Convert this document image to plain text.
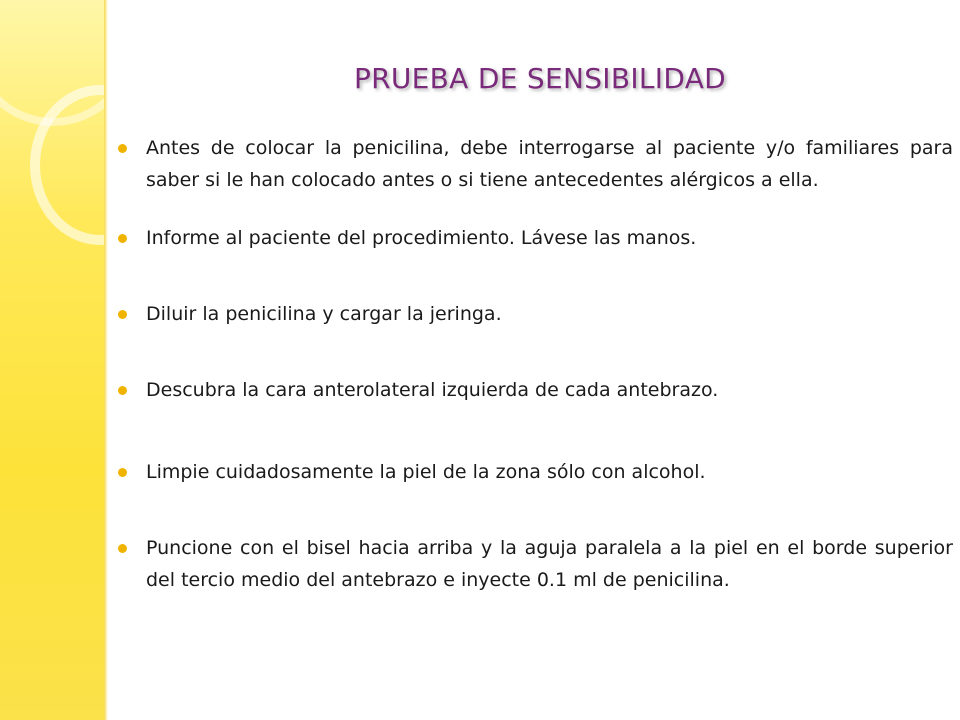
PRUEBA DE SENSIBILIDAD
Antes de colocar la penicilina, debe interrogarse al paciente y/o familiares para saber si le han colocado antes o si tiene antecedentes alérgicos a ella.
Informe al paciente del procedimiento. Lávese las manos.
Diluir la penicilina y cargar la jeringa.
Descubra la cara anterolateral izquierda de cada antebrazo.
Limpie cuidadosamente la piel de la zona sólo con alcohol.
Puncione con el bisel hacia arriba y la aguja paralela a la piel en el borde superior del tercio medio del antebrazo e inyecte 0.1 ml de penicilina.
